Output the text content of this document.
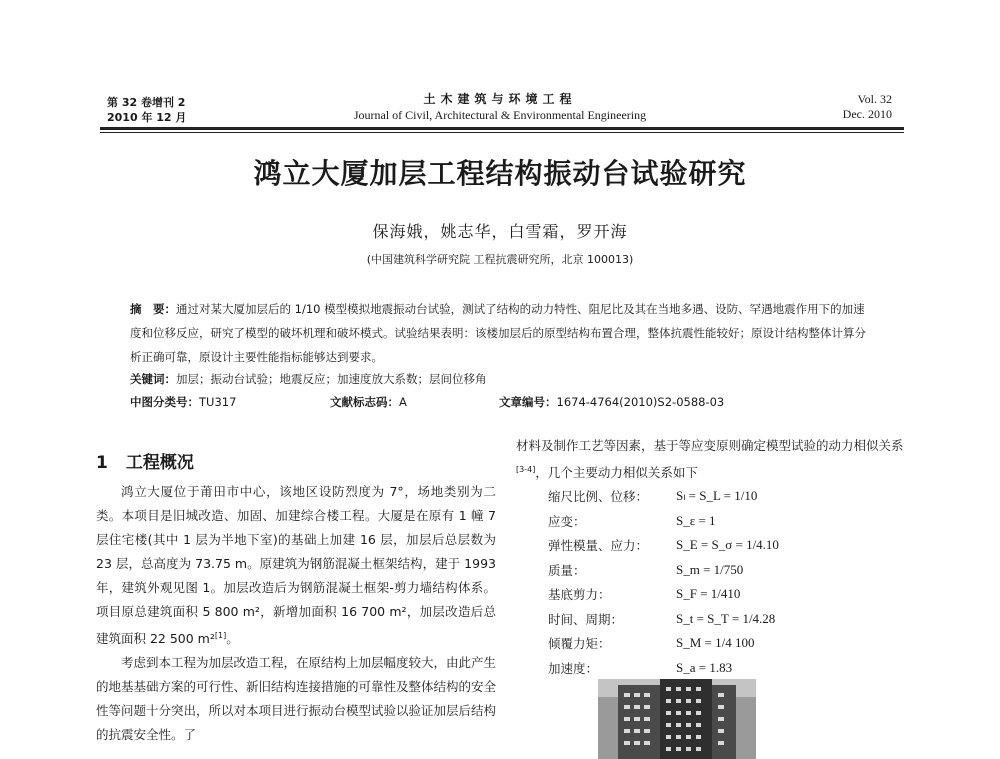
第 32 卷增刊 2
2010 年 12 月
土木建筑与环境工程
Journal of Civil, Architectural & Environmental Engineering
Vol. 32
Dec. 2010
鸿立大厦加层工程结构振动台试验研究
保海娥，姚志华，白雪霜，罗开海
(中国建筑科学研究院 工程抗震研究所，北京 100013)
摘　要：通过对某大厦加层后的 1/10 模型模拟地震振动台试验，测试了结构的动力特性、阻尼比及其在当地多遇、设防、罕遇地震作用下的加速度和位移反应，研究了模型的破坏机理和破坏模式。试验结果表明：该楼加层后的原型结构布置合理，整体抗震性能较好；原设计结构整体计算分析正确可靠，原设计主要性能指标能够达到要求。
关键词：加层；振动台试验；地震反应；加速度放大系数；层间位移角
中图分类号：TU317	文献标志码：A	文章编号：1674-4764(2010)S2-0588-03
1 工程概况

鸿立大厦位于莆田市中心，该地区设防烈度为 7°，场地类别为二类。本项目是旧城改造、加固、加建综合楼工程。大厦是在原有 1 幢 7 层住宅楼(其中 1 层为半地下室)的基础上加建 16 层，加层后总层数为 23 层，总高度为 73.75 m。原建筑为钢筋混凝土框架结构，建于 1993 年，建筑外观见图 1。加层改造后为钢筋混凝土框架-剪力墙结构体系。项目原总建筑面积 5 800 m²，新增加面积 16 700 m²，加层改造后总建筑面积 22 500 m²[1]。

考虑到本工程为加层改造工程，在原结构上加层幅度较大，由此产生的地基基础方案的可行性、新旧结构连接措施的可靠性及整体结构的安全性等问题十分突出，所以对本项目进行振动台模型试验以验证加层后结构的抗震安全性。了

材料及制作工艺等因素，基于等应变原则确定模型试验的动力相似关系[3-4]，几个主要动力相似关系如下
缩尺比例、位移：	Sₗ = S_L = 1/10
应变：	S_ε = 1
弹性模量、应力：	S_E = S_σ = 1/4.10
质量：	S_m = 1/750
基底剪力：	S_F = 1/410
时间、周期：	S_t = S_T = 1/4.28
倾覆力矩：	S_M = 1/4 100
加速度：	S_a = 1.83
